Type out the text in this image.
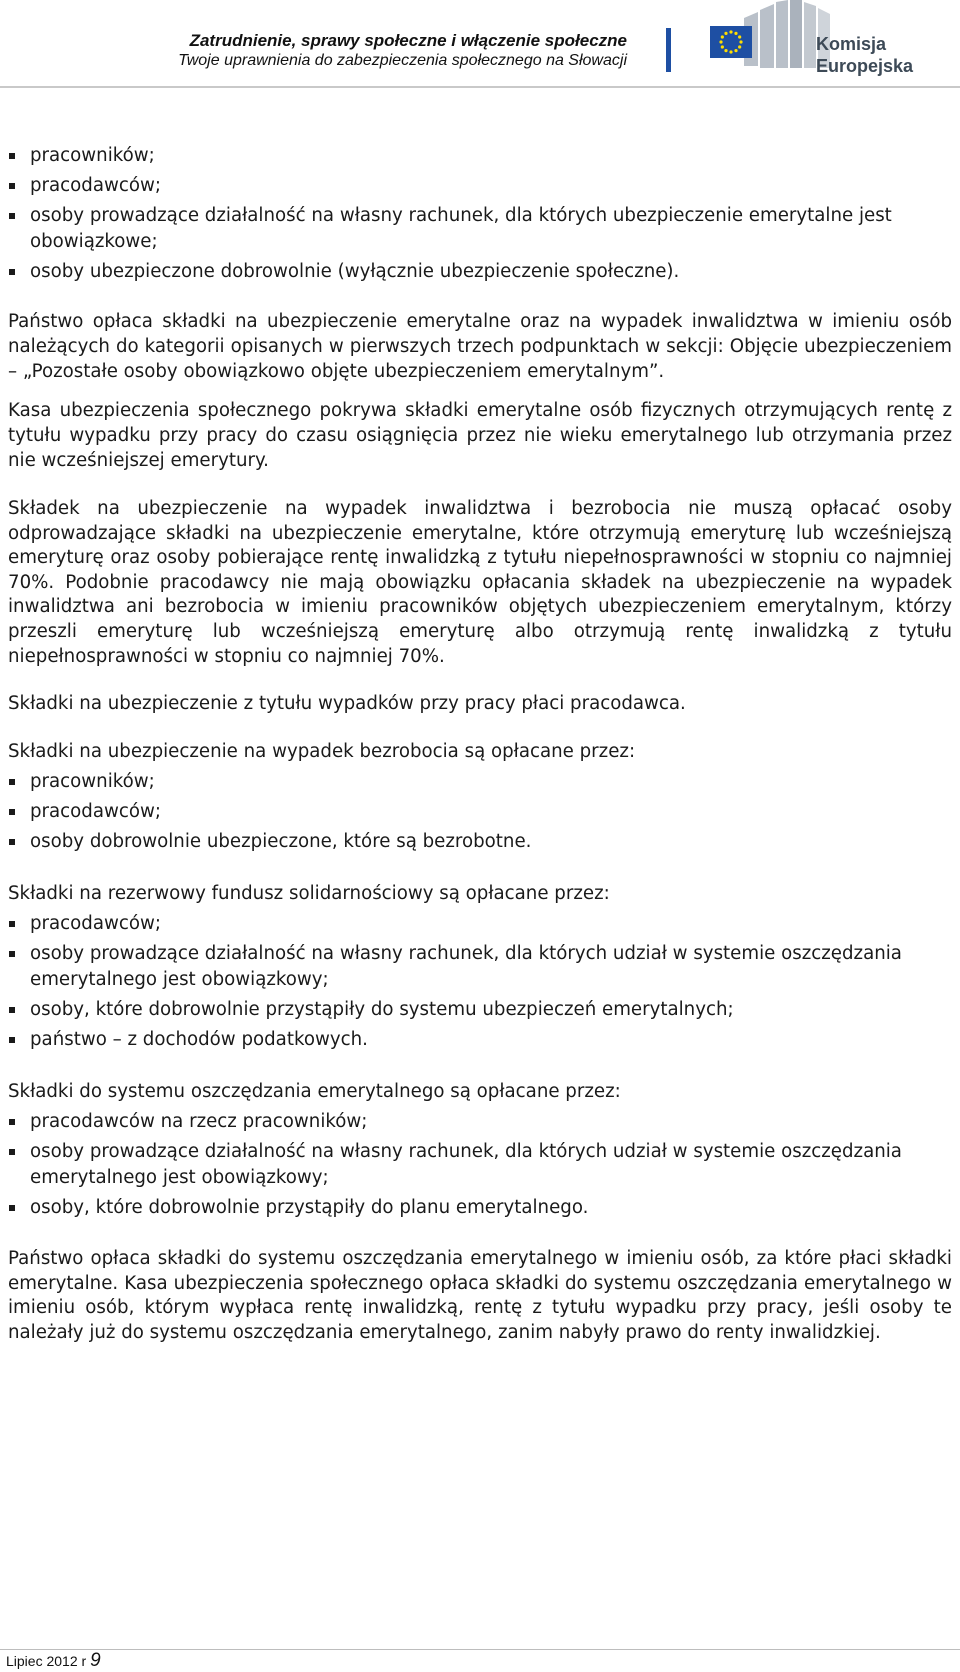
Zatrudnienie, sprawy społeczne i włączenie społeczne
Twoje uprawnienia do zabezpieczenia społecznego na Słowacji
Komisja
Europejska
pracowników;
pracodawców;
osoby prowadzące działalność na własny rachunek, dla których ubezpieczenie emerytalne jest obowiązkowe;
osoby ubezpieczone dobrowolnie (wyłącznie ubezpieczenie społeczne).

Państwo opłaca składki na ubezpieczenie emerytalne oraz na wypadek inwalidztwa w imieniu osób należących do kategorii opisanych w pierwszych trzech podpunktach w sekcji: Objęcie ubezpieczeniem – „Pozostałe osoby obowiązkowo objęte ubezpieczeniem emerytalnym”.

Kasa ubezpieczenia społecznego pokrywa składki emerytalne osób fizycznych otrzymujących rentę z tytułu wypadku przy pracy do czasu osiągnięcia przez nie wieku emerytalnego lub otrzymania przez nie wcześniejszej emerytury.

Składek na ubezpieczenie na wypadek inwalidztwa i bezrobocia nie muszą opłacać osoby odprowadzające składki na ubezpieczenie emerytalne, które otrzymują emeryturę lub wcześniejszą emeryturę oraz osoby pobierające rentę inwalidzką z tytułu niepełnosprawności w stopniu co najmniej 70%. Podobnie pracodawcy nie mają obowiązku opłacania składek na ubezpieczenie na wypadek inwalidztwa ani bezrobocia w imieniu pracowników objętych ubezpieczeniem emerytalnym, którzy przeszli emeryturę lub wcześniejszą emeryturę albo otrzymują rentę inwalidzką z tytułu niepełnosprawności w stopniu co najmniej 70%.

Składki na ubezpieczenie z tytułu wypadków przy pracy płaci pracodawca.

Składki na ubezpieczenie na wypadek bezrobocia są opłacane przez:

pracowników;
pracodawców;
osoby dobrowolnie ubezpieczone, które są bezrobotne.

Składki na rezerwowy fundusz solidarnościowy są opłacane przez:

pracodawców;
osoby prowadzące działalność na własny rachunek, dla których udział w systemie oszczędzania emerytalnego jest obowiązkowy;
osoby, które dobrowolnie przystąpiły do systemu ubezpieczeń emerytalnych;
państwo – z dochodów podatkowych.

Składki do systemu oszczędzania emerytalnego są opłacane przez:

pracodawców na rzecz pracowników;
osoby prowadzące działalność na własny rachunek, dla których udział w systemie oszczędzania emerytalnego jest obowiązkowy;
osoby, które dobrowolnie przystąpiły do planu emerytalnego.

Państwo opłaca składki do systemu oszczędzania emerytalnego w imieniu osób, za które płaci składki emerytalne. Kasa ubezpieczenia społecznego opłaca składki do systemu oszczędzania emerytalnego w imieniu osób, którym wypłaca rentę inwalidzką, rentę z tytułu wypadku przy pracy, jeśli osoby te należały już do systemu oszczędzania emerytalnego, zanim nabyły prawo do renty inwalidzkiej.

Lipiec 2012 r 9
